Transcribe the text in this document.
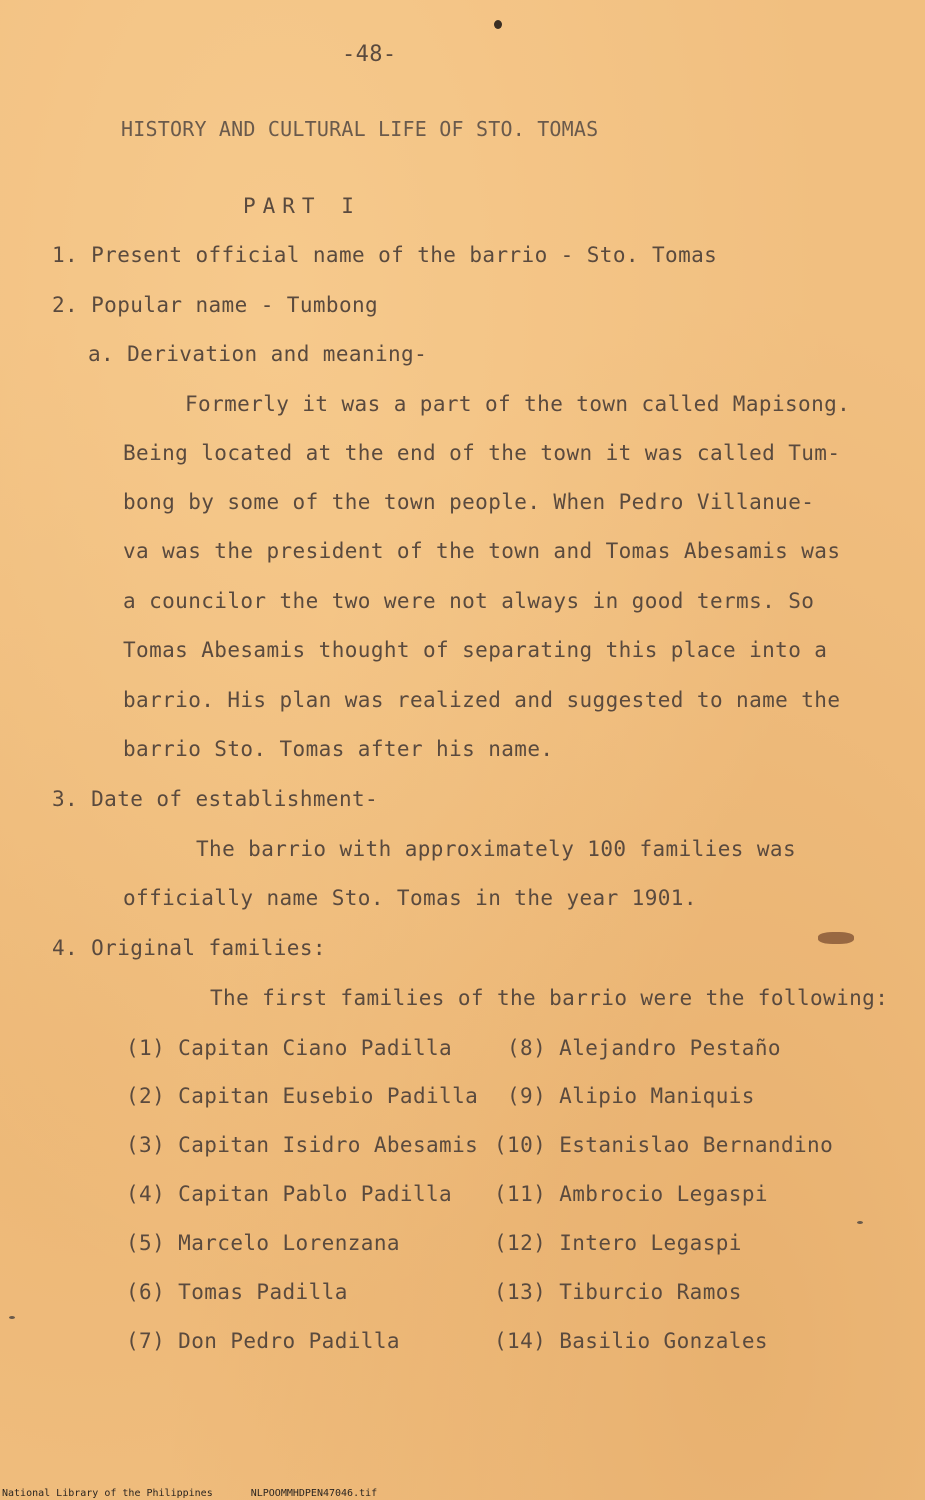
-48-
HISTORY AND CULTURAL LIFE OF STO. TOMAS
PART I
1. Present official name of the barrio - Sto. Tomas
2. Popular name - Tumbong
a. Derivation and meaning-
Formerly it was a part of the town called Mapisong.
Being located at the end of the town it was called Tum-
bong by some of the town people. When Pedro Villanue-
va was the president of the town and Tomas Abesamis was
a councilor the two were not always in good terms. So
Tomas Abesamis thought of separating this place into a
barrio. His plan was realized and suggested to name the
barrio Sto. Tomas after his name.
3. Date of establishment-
The barrio with approximately 100 families was
officially name Sto. Tomas in the year 1901.
4. Original families:
The first families of the barrio were the following:
(1) Capitan Ciano Padilla
(2) Capitan Eusebio Padilla
(3) Capitan Isidro Abesamis
(4) Capitan Pablo Padilla
(5) Marcelo Lorenzana
(6) Tomas Padilla
(7) Don Pedro Padilla
(8) Alejandro Pestaño
(9) Alipio Maniquis
(10) Estanislao Bernandino
(11) Ambrocio Legaspi
(12) Intero Legaspi
(13) Tiburcio Ramos
(14) Basilio Gonzales
National Library of the Philippines	NLPOOMMHDPEN47046.tif
